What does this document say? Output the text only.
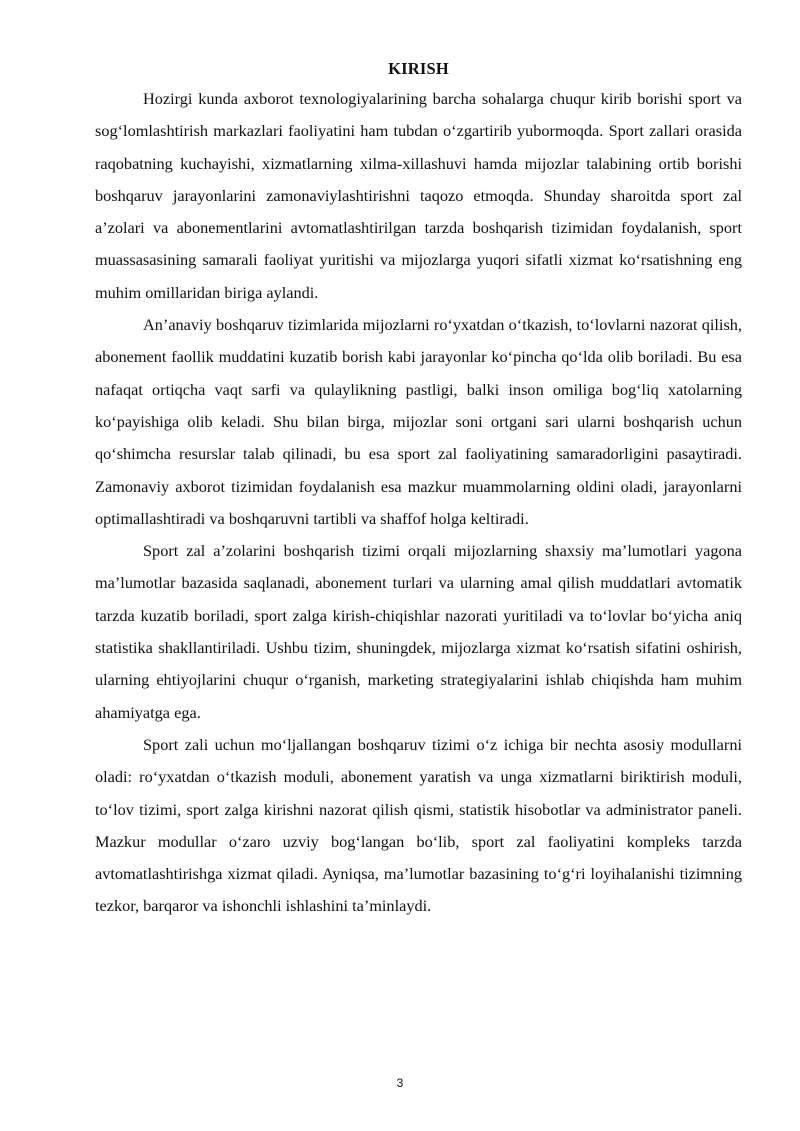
KIRISH

Hozirgi kunda axborot texnologiyalarining barcha sohalarga chuqur kirib borishi sport va sog‘lomlashtirish markazlari faoliyatini ham tubdan o‘zgartirib yubormoqda. Sport zallari orasida raqobatning kuchayishi, xizmatlarning xilma-xillashuvi hamda mijozlar talabining ortib borishi boshqaruv jarayonlarini zamonaviylashtirishni taqozo etmoqda. Shunday sharoitda sport zal a’zolari va abonementlarini avtomatlashtirilgan tarzda boshqarish tizimidan foydalanish, sport muassasasining samarali faoliyat yuritishi va mijozlarga yuqori sifatli xizmat ko‘rsatishning eng muhim omillaridan biriga aylandi.

An’anaviy boshqaruv tizimlarida mijozlarni ro‘yxatdan o‘tkazish, to‘lovlarni nazorat qilish, abonement faollik muddatini kuzatib borish kabi jarayonlar ko‘pincha qo‘lda olib boriladi. Bu esa nafaqat ortiqcha vaqt sarfi va qulaylikning pastligi, balki inson omiliga bog‘liq xatolarning ko‘payishiga olib keladi. Shu bilan birga, mijozlar soni ortgani sari ularni boshqarish uchun qo‘shimcha resurslar talab qilinadi, bu esa sport zal faoliyatining samaradorligini pasaytiradi. Zamonaviy axborot tizimidan foydalanish esa mazkur muammolarning oldini oladi, jarayonlarni optimallashtiradi va boshqaruvni tartibli va shaffof holga keltiradi.

Sport zal a’zolarini boshqarish tizimi orqali mijozlarning shaxsiy ma’lumotlari yagona ma’lumotlar bazasida saqlanadi, abonement turlari va ularning amal qilish muddatlari avtomatik tarzda kuzatib boriladi, sport zalga kirish-chiqishlar nazorati yuritiladi va to‘lovlar bo‘yicha aniq statistika shakllantiriladi. Ushbu tizim, shuningdek, mijozlarga xizmat ko‘rsatish sifatini oshirish, ularning ehtiyojlarini chuqur o‘rganish, marketing strategiyalarini ishlab chiqishda ham muhim ahamiyatga ega.

Sport zali uchun mo‘ljallangan boshqaruv tizimi o‘z ichiga bir nechta asosiy modullarni oladi: ro‘yxatdan o‘tkazish moduli, abonement yaratish va unga xizmatlarni biriktirish moduli, to‘lov tizimi, sport zalga kirishni nazorat qilish qismi, statistik hisobotlar va administrator paneli. Mazkur modullar o‘zaro uzviy bog‘langan bo‘lib, sport zal faoliyatini kompleks tarzda avtomatlashtirishga xizmat qiladi. Ayniqsa, ma’lumotlar bazasining to‘g‘ri loyihalanishi tizimning tezkor, barqaror va ishonchli ishlashini ta’minlaydi.

3
